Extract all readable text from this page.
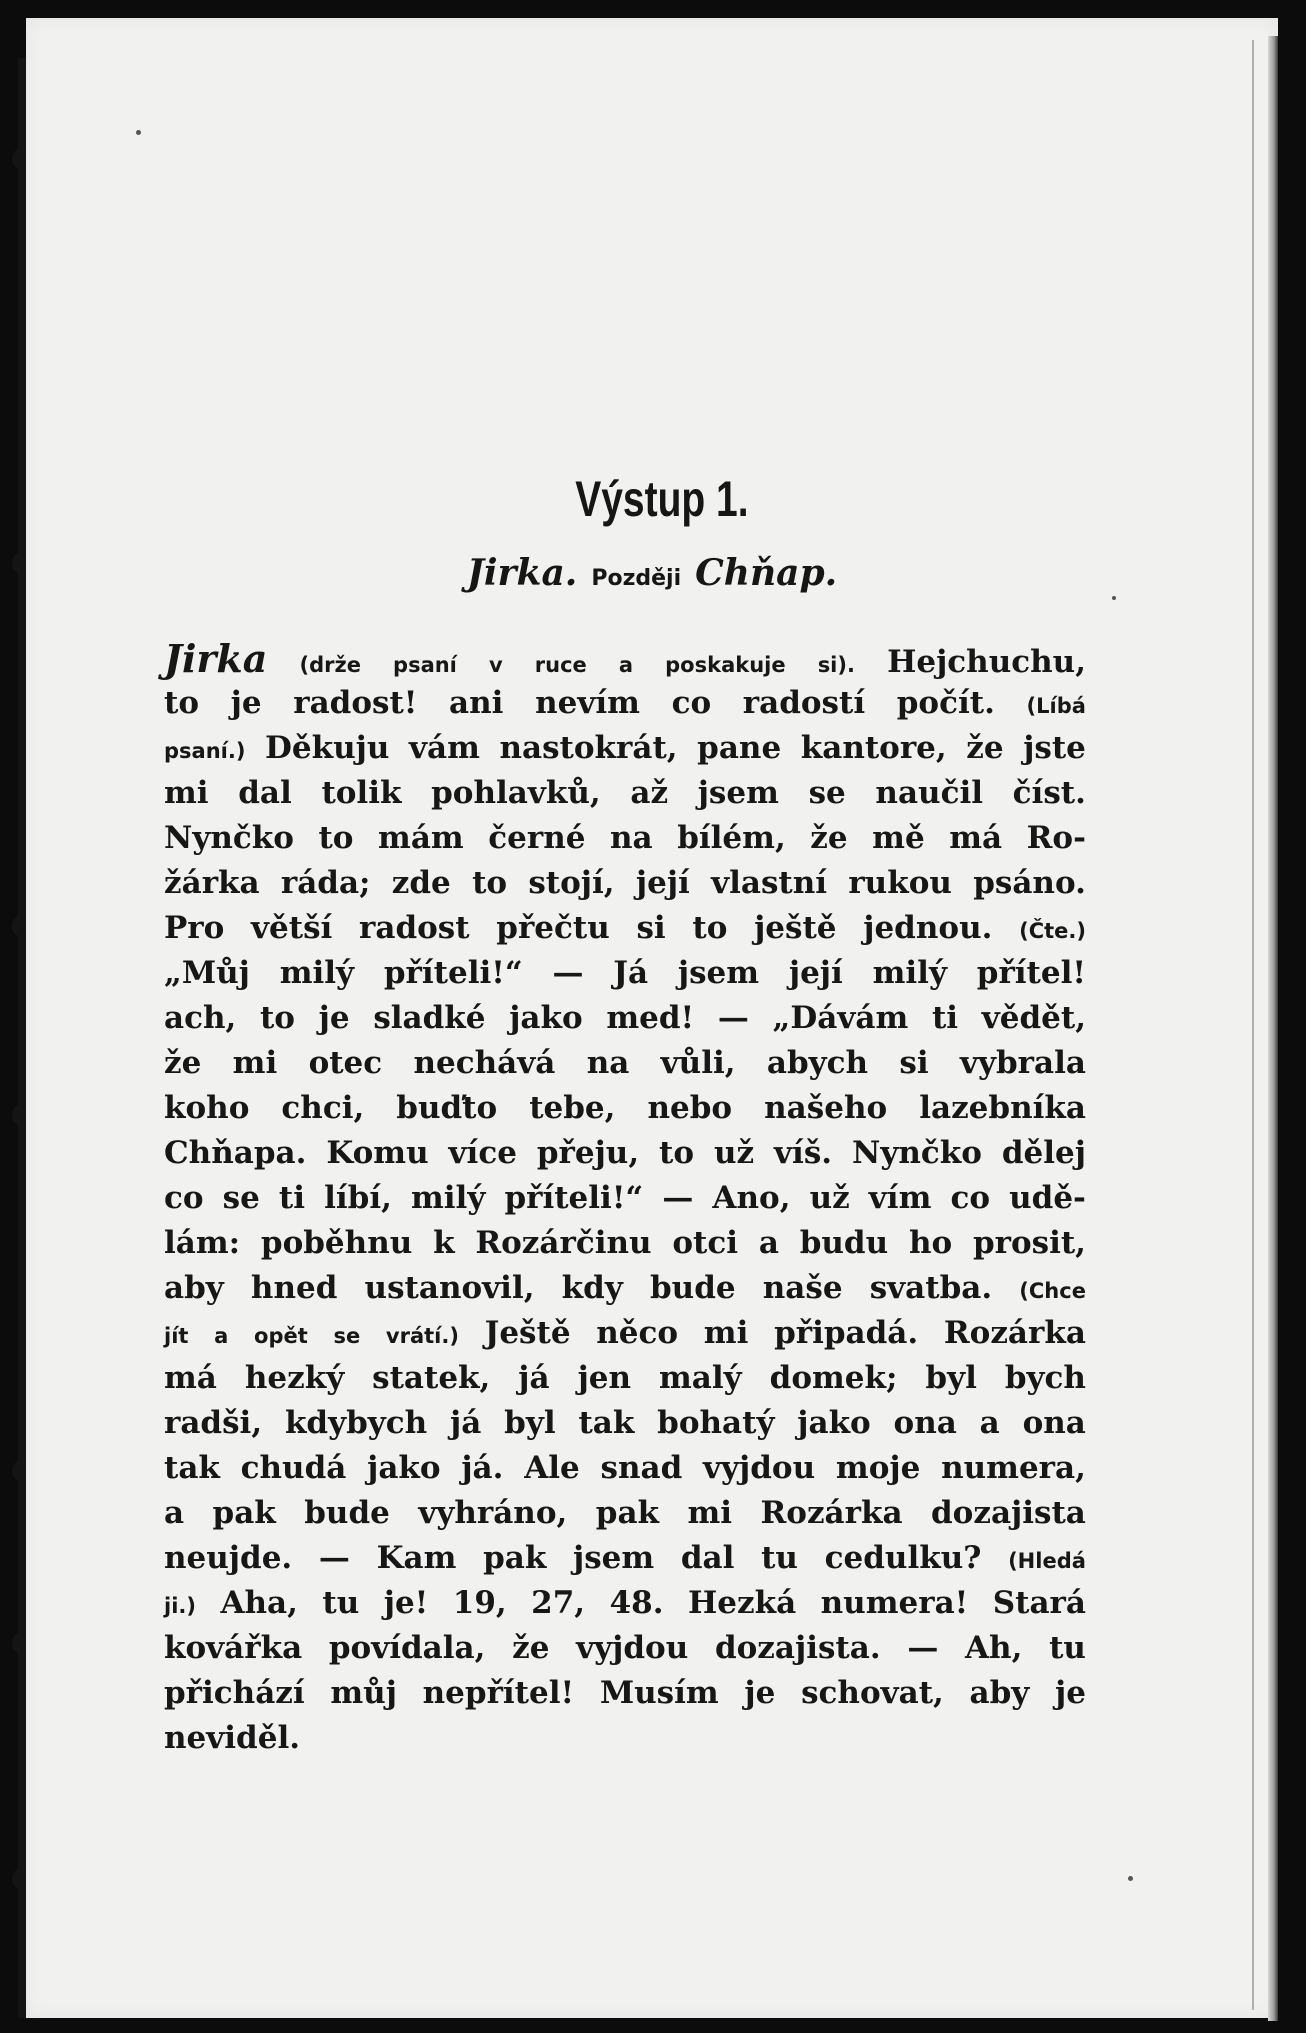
Výstup 1.
Jirka. Později Chňap.
Jirka (drže psaní v ruce a poskakuje si). Hejchuchu,
to je radost! ani nevím co radostí počít. (Líbá
psaní.) Děkuju vám nastokrát, pane kantore, že jste
mi dal tolik pohlavků, až jsem se naučil číst.
Nynčko to mám černé na bílém, že mě má Ro-
žárka ráda; zde to stojí, její vlastní rukou psáno.
Pro větší radost přečtu si to ještě jednou. (Čte.)
„Můj milý příteli!“ — Já jsem její milý přítel!
ach, to je sladké jako med! — „Dávám ti vědět,
že mi otec nechává na vůli, abych si vybrala
koho chci, buďto tebe, nebo našeho lazebníka
Chňapa. Komu více přeju, to už víš. Nynčko dělej
co se ti líbí, milý příteli!“ — Ano, už vím co udě-
lám: poběhnu k Rozárčinu otci a budu ho prosit,
aby hned ustanovil, kdy bude naše svatba. (Chce
jít a opět se vrátí.) Ještě něco mi připadá. Rozárka
má hezký statek, já jen malý domek; byl bych
radši, kdybych já byl tak bohatý jako ona a ona
tak chudá jako já. Ale snad vyjdou moje numera,
a pak bude vyhráno, pak mi Rozárka dozajista
neujde. — Kam pak jsem dal tu cedulku? (Hledá
ji.) Aha, tu je! 19, 27, 48. Hezká numera! Stará
kovářka povídala, že vyjdou dozajista. — Ah, tu
přichází můj nepřítel! Musím je schovat, aby je
neviděl.
